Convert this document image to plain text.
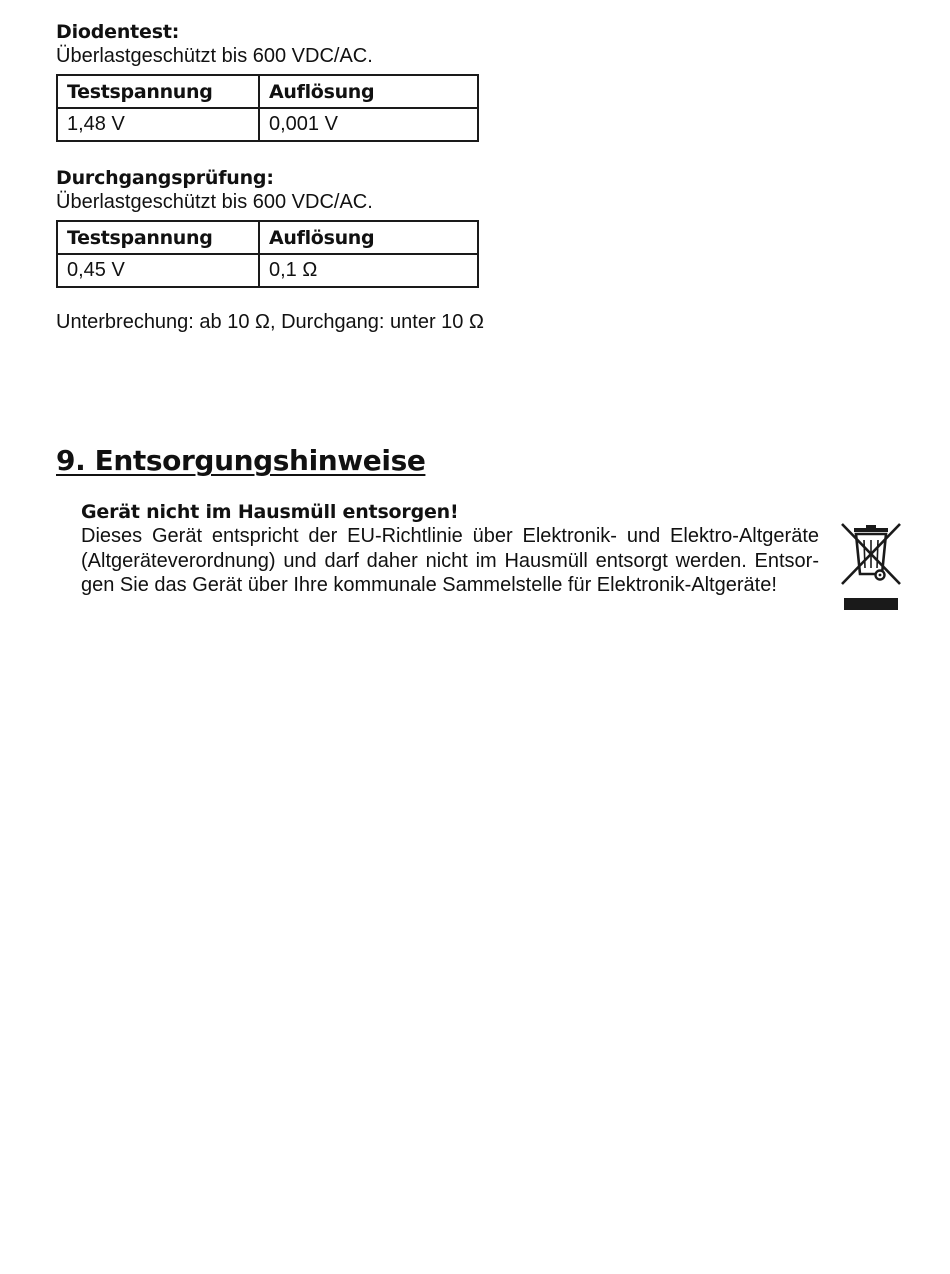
Diodentest:

Überlastgeschützt bis 600 VDC/AC.

Testspannung	Auflösung
1,48 V	0,001 V

Durchgangsprüfung:

Überlastgeschützt bis 600 VDC/AC.

Testspannung	Auflösung
0,45 V	0,1 Ω

Unterbrechung: ab 10 Ω, Durchgang: unter 10 Ω

9. Entsorgungshinweise

Gerät nicht im Hausmüll entsorgen!

Dieses Gerät entspricht der EU-Richtlinie über Elektronik- und Elektro-Altgeräte (Altgeräteverordnung) und darf daher nicht im Hausmüll entsorgt werden. Entsor-gen Sie das Gerät über Ihre kommunale Sammelstelle für Elektronik-Altgeräte!
